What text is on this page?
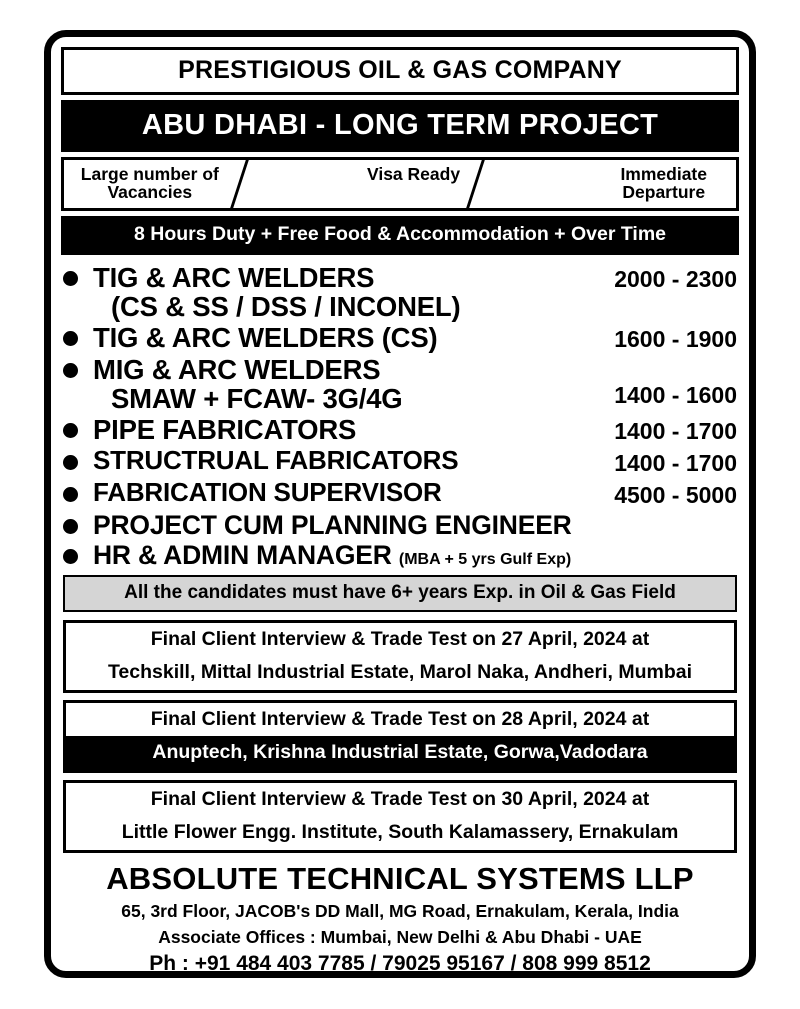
PRESTIGIOUS OIL & GAS COMPANY
ABU DHABI - LONG TERM PROJECT
Large number of Vacancies
Visa Ready	Immediate Departure
8 Hours Duty + Free Food & Accommodation + Over Time
TIG & ARC WELDERS
(CS & SS / DSS / INCONEL)
2000 - 2300
TIG & ARC WELDERS (CS)	1600 - 1900
MIG & ARC WELDERS
SMAW + FCAW- 3G/4G	1400 - 1600
PIPE FABRICATORS	1400 - 1700
STRUCTRUAL FABRICATORS	1400 - 1700
FABRICATION SUPERVISOR	4500 - 5000
PROJECT CUM PLANNING ENGINEER
HR & ADMIN MANAGER (MBA + 5 yrs Gulf Exp)
All the candidates must have 6+ years Exp. in Oil & Gas Field
Final Client Interview & Trade Test on 27 April, 2024 at
Techskill, Mittal Industrial Estate, Marol Naka, Andheri, Mumbai
Final Client Interview & Trade Test on 28 April, 2024 at
Anuptech, Krishna Industrial Estate, Gorwa,Vadodara
Final Client Interview & Trade Test on 30 April, 2024 at
Little Flower Engg. Institute, South Kalamassery, Ernakulam
ABSOLUTE TECHNICAL SYSTEMS LLP
65, 3rd Floor, JACOB's DD Mall, MG Road, Ernakulam, Kerala, India
Associate Offices : Mumbai, New Delhi & Abu Dhabi - UAE
Ph : +91 484 403 7785 / 79025 95167 / 808 999 8512
